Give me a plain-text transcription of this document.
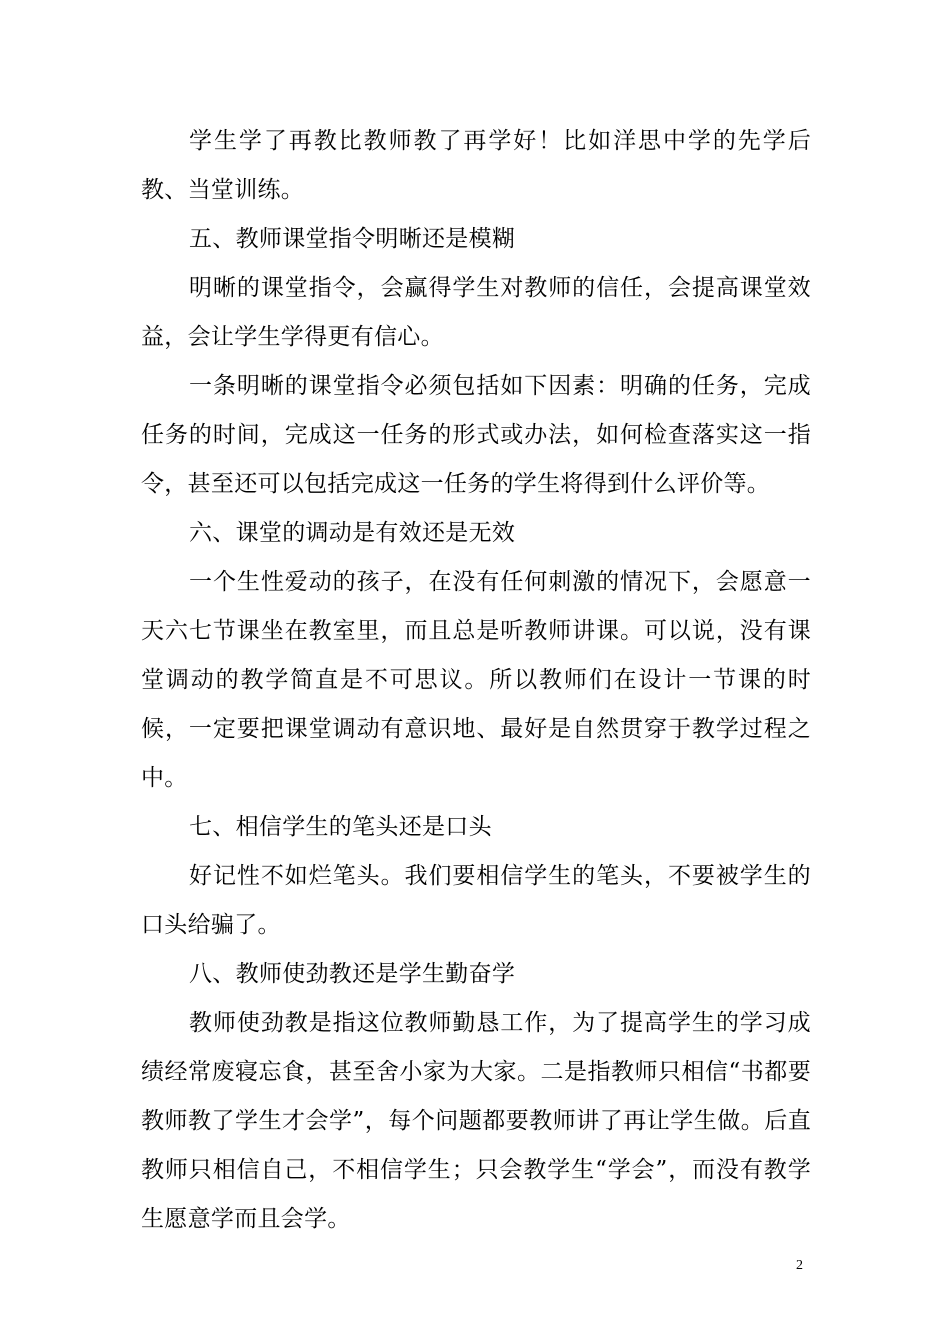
学生学了再教比教师教了再学好！比如洋思中学的先学后教、当堂训练。

五、教师课堂指令明晰还是模糊

明晰的课堂指令，会赢得学生对教师的信任，会提高课堂效益，会让学生学得更有信心。

一条明晰的课堂指令必须包括如下因素：明确的任务，完成任务的时间，完成这一任务的形式或办法，如何检查落实这一指令，甚至还可以包括完成这一任务的学生将得到什么评价等。

六、课堂的调动是有效还是无效

一个生性爱动的孩子，在没有任何刺激的情况下，会愿意一天六七节课坐在教室里，而且总是听教师讲课。可以说，没有课堂调动的教学简直是不可思议。所以教师们在设计一节课的时候，一定要把课堂调动有意识地、最好是自然贯穿于教学过程之中。

七、相信学生的笔头还是口头

好记性不如烂笔头。我们要相信学生的笔头，不要被学生的口头给骗了。

八、教师使劲教还是学生勤奋学

教师使劲教是指这位教师勤恳工作，为了提高学生的学习成绩经常废寝忘食，甚至舍小家为大家。二是指教师只相信“书都要教师教了学生才会学”，每个问题都要教师讲了再让学生做。后直教师只相信自己，不相信学生；只会教学生“学会”，而没有教学生愿意学而且会学。

2
